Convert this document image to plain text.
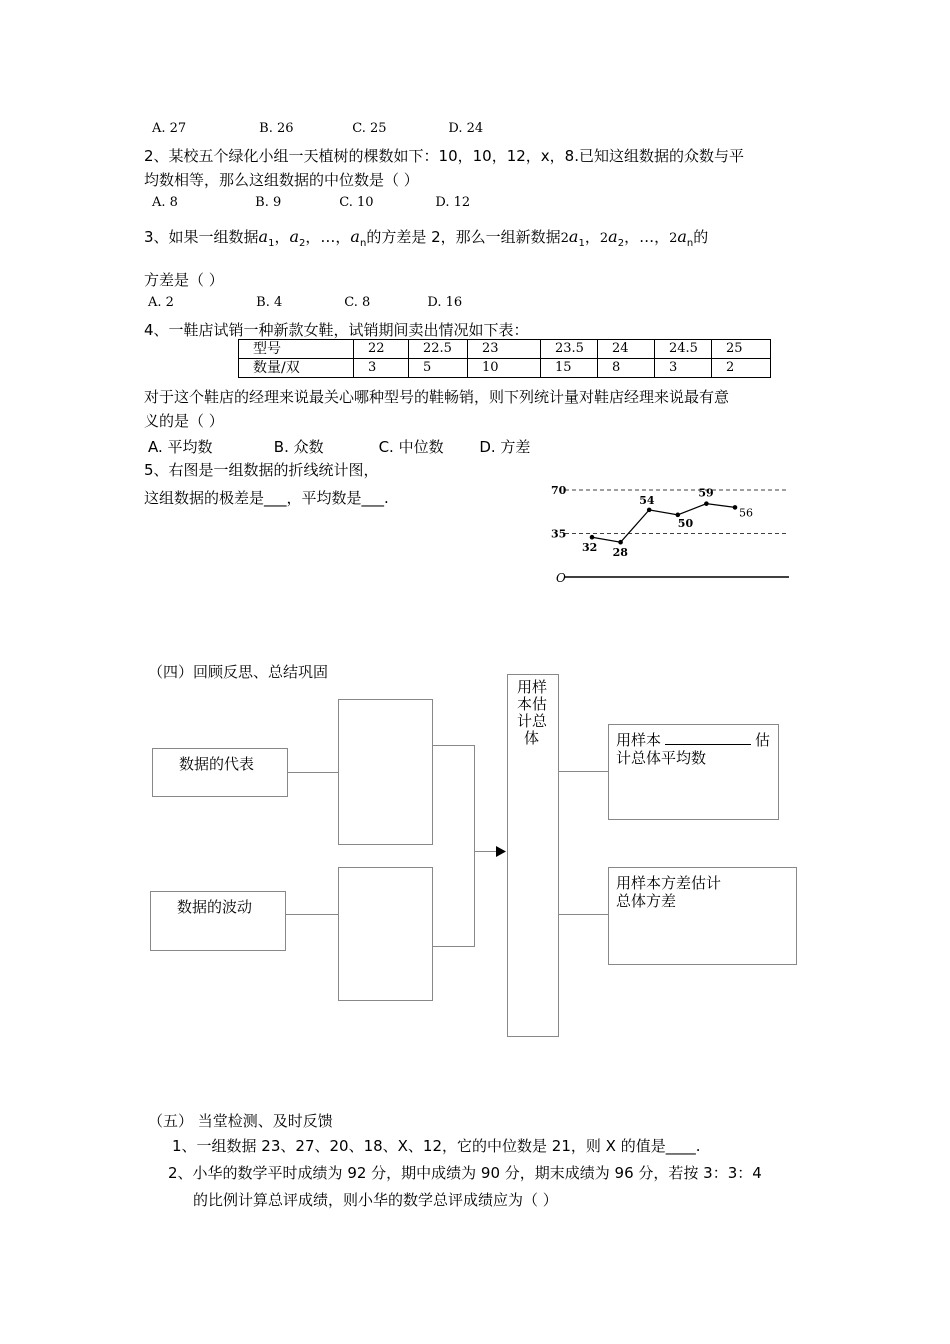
A. 27	B. 26	C. 25	D. 24
2、某校五个绿化小组一天植树的棵数如下：10，10，12，x，8.已知这组数据的众数与平
均数相等，那么这组数据的中位数是（ ）
A. 8	B. 9	C. 10	D. 12
3、如果一组数据$a_1$，$a_2$，…，$a_n$的方差是 2，那么一组新数据$2a_1$，$2a_2$，…，$2a_n$的
方差是（ ）
A. 2	B. 4	C. 8	D. 16
4、一鞋店试销一种新款女鞋，试销期间卖出情况如下表：
型号	22	22.5	23	23.5	24	24.5	25
数量/双	3	5	10	15	8	3	2
对于这个鞋店的经理来说最关心哪种型号的鞋畅销，则下列统计量对鞋店经理来说最有意
义的是（ ）
A. 平均数	B. 众数	C. 中位数 D. 方差
5、右图是一组数据的折线统计图，
这组数据的极差是___，平均数是___.
O
70
35
32 28
54
50
59
56
（四）回顾反思、总结巩固
数据的代表
数据的波动
用样
本估
计总
体	用样本	估
计总体平均数
用样本方差估计
总体方差
（五） 当堂检测、及时反馈
1、一组数据 23、27、20、18、X、12，它的中位数是 21，则 X 的值是____.
2、小华的数学平时成绩为 92 分，期中成绩为 90 分，期末成绩为 96 分，若按 3：3：4
的比例计算总评成绩，则小华的数学总评成绩应为（ ）
